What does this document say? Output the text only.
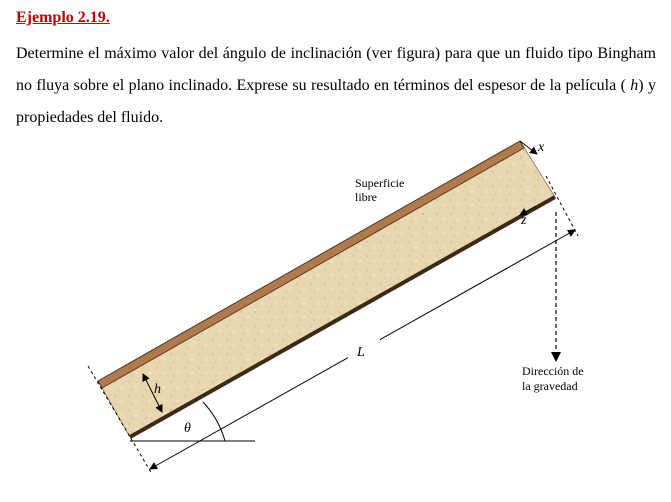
Ejemplo 2.19.
Determine el máximo valor del ángulo de inclinación (ver figura) para que un fluido tipo Bingham no fluya sobre el plano inclinado. Exprese su resultado en términos del espesor de la película ( h) y propiedades del fluido.
Superficie
libre
Dirección de
la gravedad
x
z
L
h
θ
